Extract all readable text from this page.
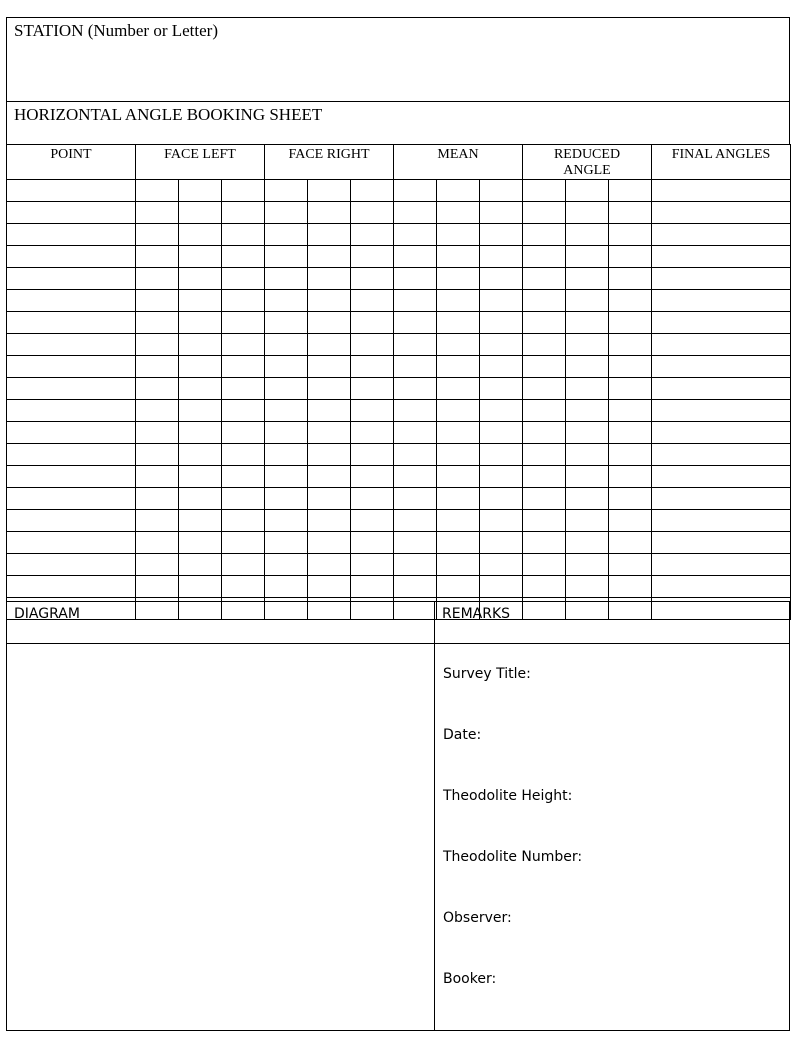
STATION (Number or Letter)
HORIZONTAL ANGLE BOOKING SHEET
POINT	FACE LEFT			FACE RIGHT			MEAN			REDUCED ANGLE			FINAL ANGLES

DIAGRAM	REMARKS
Survey Title:
Date:
Theodolite Height:
Theodolite Number:
Observer:
Booker:
